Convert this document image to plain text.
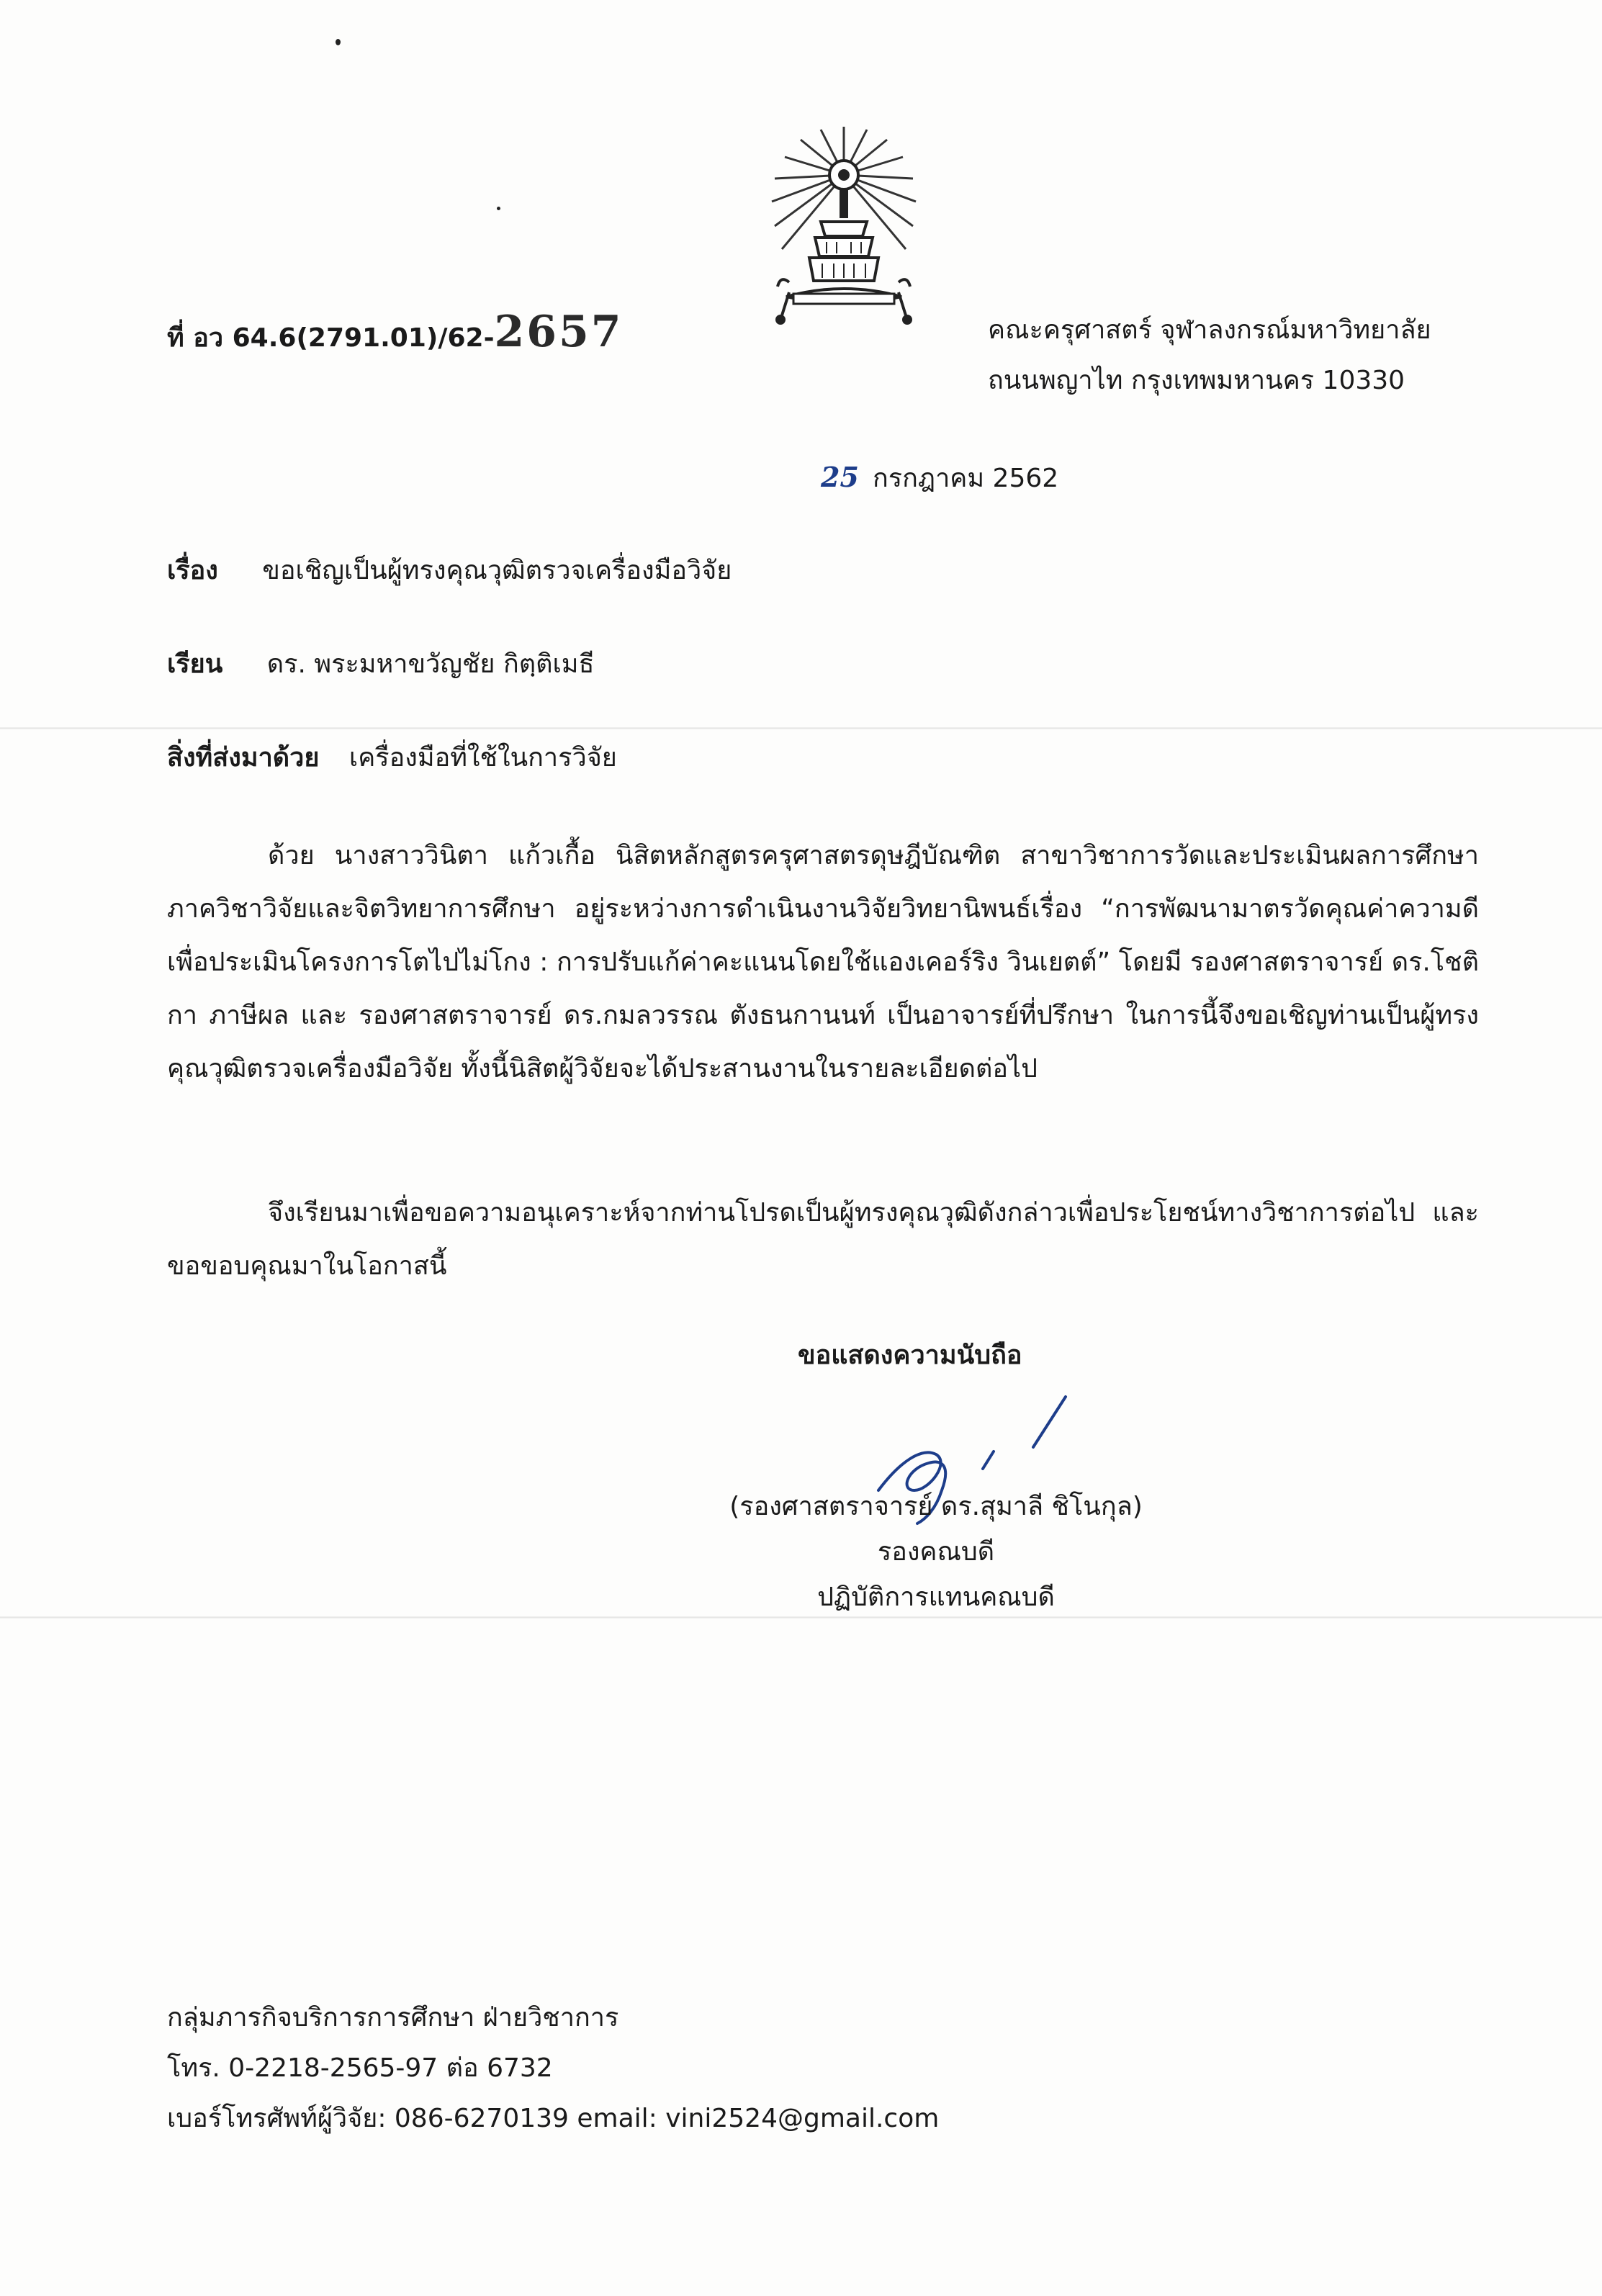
ที่ อว 64.6(2791.01)/62-2657	คณะครุศาสตร์ จุฬาลงกรณ์มหาวิทยาลัย
ถนนพญาไท กรุงเทพมหานคร 10330
25 กรกฎาคม 2562
เรื่อง ขอเชิญเป็นผู้ทรงคุณวุฒิตรวจเครื่องมือวิจัย
เรียน ดร. พระมหาขวัญชัย กิตฺติเมธี
สิ่งที่ส่งมาด้วย เครื่องมือที่ใช้ในการวิจัย
ด้วย นางสาววินิตา แก้วเกื้อ นิสิตหลักสูตรครุศาสตรดุษฎีบัณฑิต สาขาวิชาการวัดและประเมินผลการศึกษา ภาควิชาวิจัยและจิตวิทยาการศึกษา อยู่ระหว่างการดำเนินงานวิจัยวิทยานิพนธ์เรื่อง “การพัฒนามาตรวัดคุณค่าความดีเพื่อประเมินโครงการโตไปไม่โกง : การปรับแก้ค่าคะแนนโดยใช้แองเคอร์ริง วินเยตต์” โดยมี รองศาสตราจารย์ ดร.โชติกา ภาษีผล และ รองศาสตราจารย์ ดร.กมลวรรณ ตังธนกานนท์ เป็นอาจารย์ที่ปรึกษา ในการนี้จึงขอเชิญท่านเป็นผู้ทรงคุณวุฒิตรวจเครื่องมือวิจัย ทั้งนี้นิสิตผู้วิจัยจะได้ประสานงานในรายละเอียดต่อไป
จึงเรียนมาเพื่อขอความอนุเคราะห์จากท่านโปรดเป็นผู้ทรงคุณวุฒิดังกล่าวเพื่อประโยชน์ทางวิชาการต่อไป และขอขอบคุณมาในโอกาสนี้
ขอแสดงความนับถือ
(รองศาสตราจารย์ ดร.สุมาลี ชิโนกุล)
รองคณบดี
ปฏิบัติการแทนคณบดี
กลุ่มภารกิจบริการการศึกษา ฝ่ายวิชาการ
โทร. 0-2218-2565-97 ต่อ 6732
เบอร์โทรศัพท์ผู้วิจัย: 086-6270139 email: vini2524@gmail.com
